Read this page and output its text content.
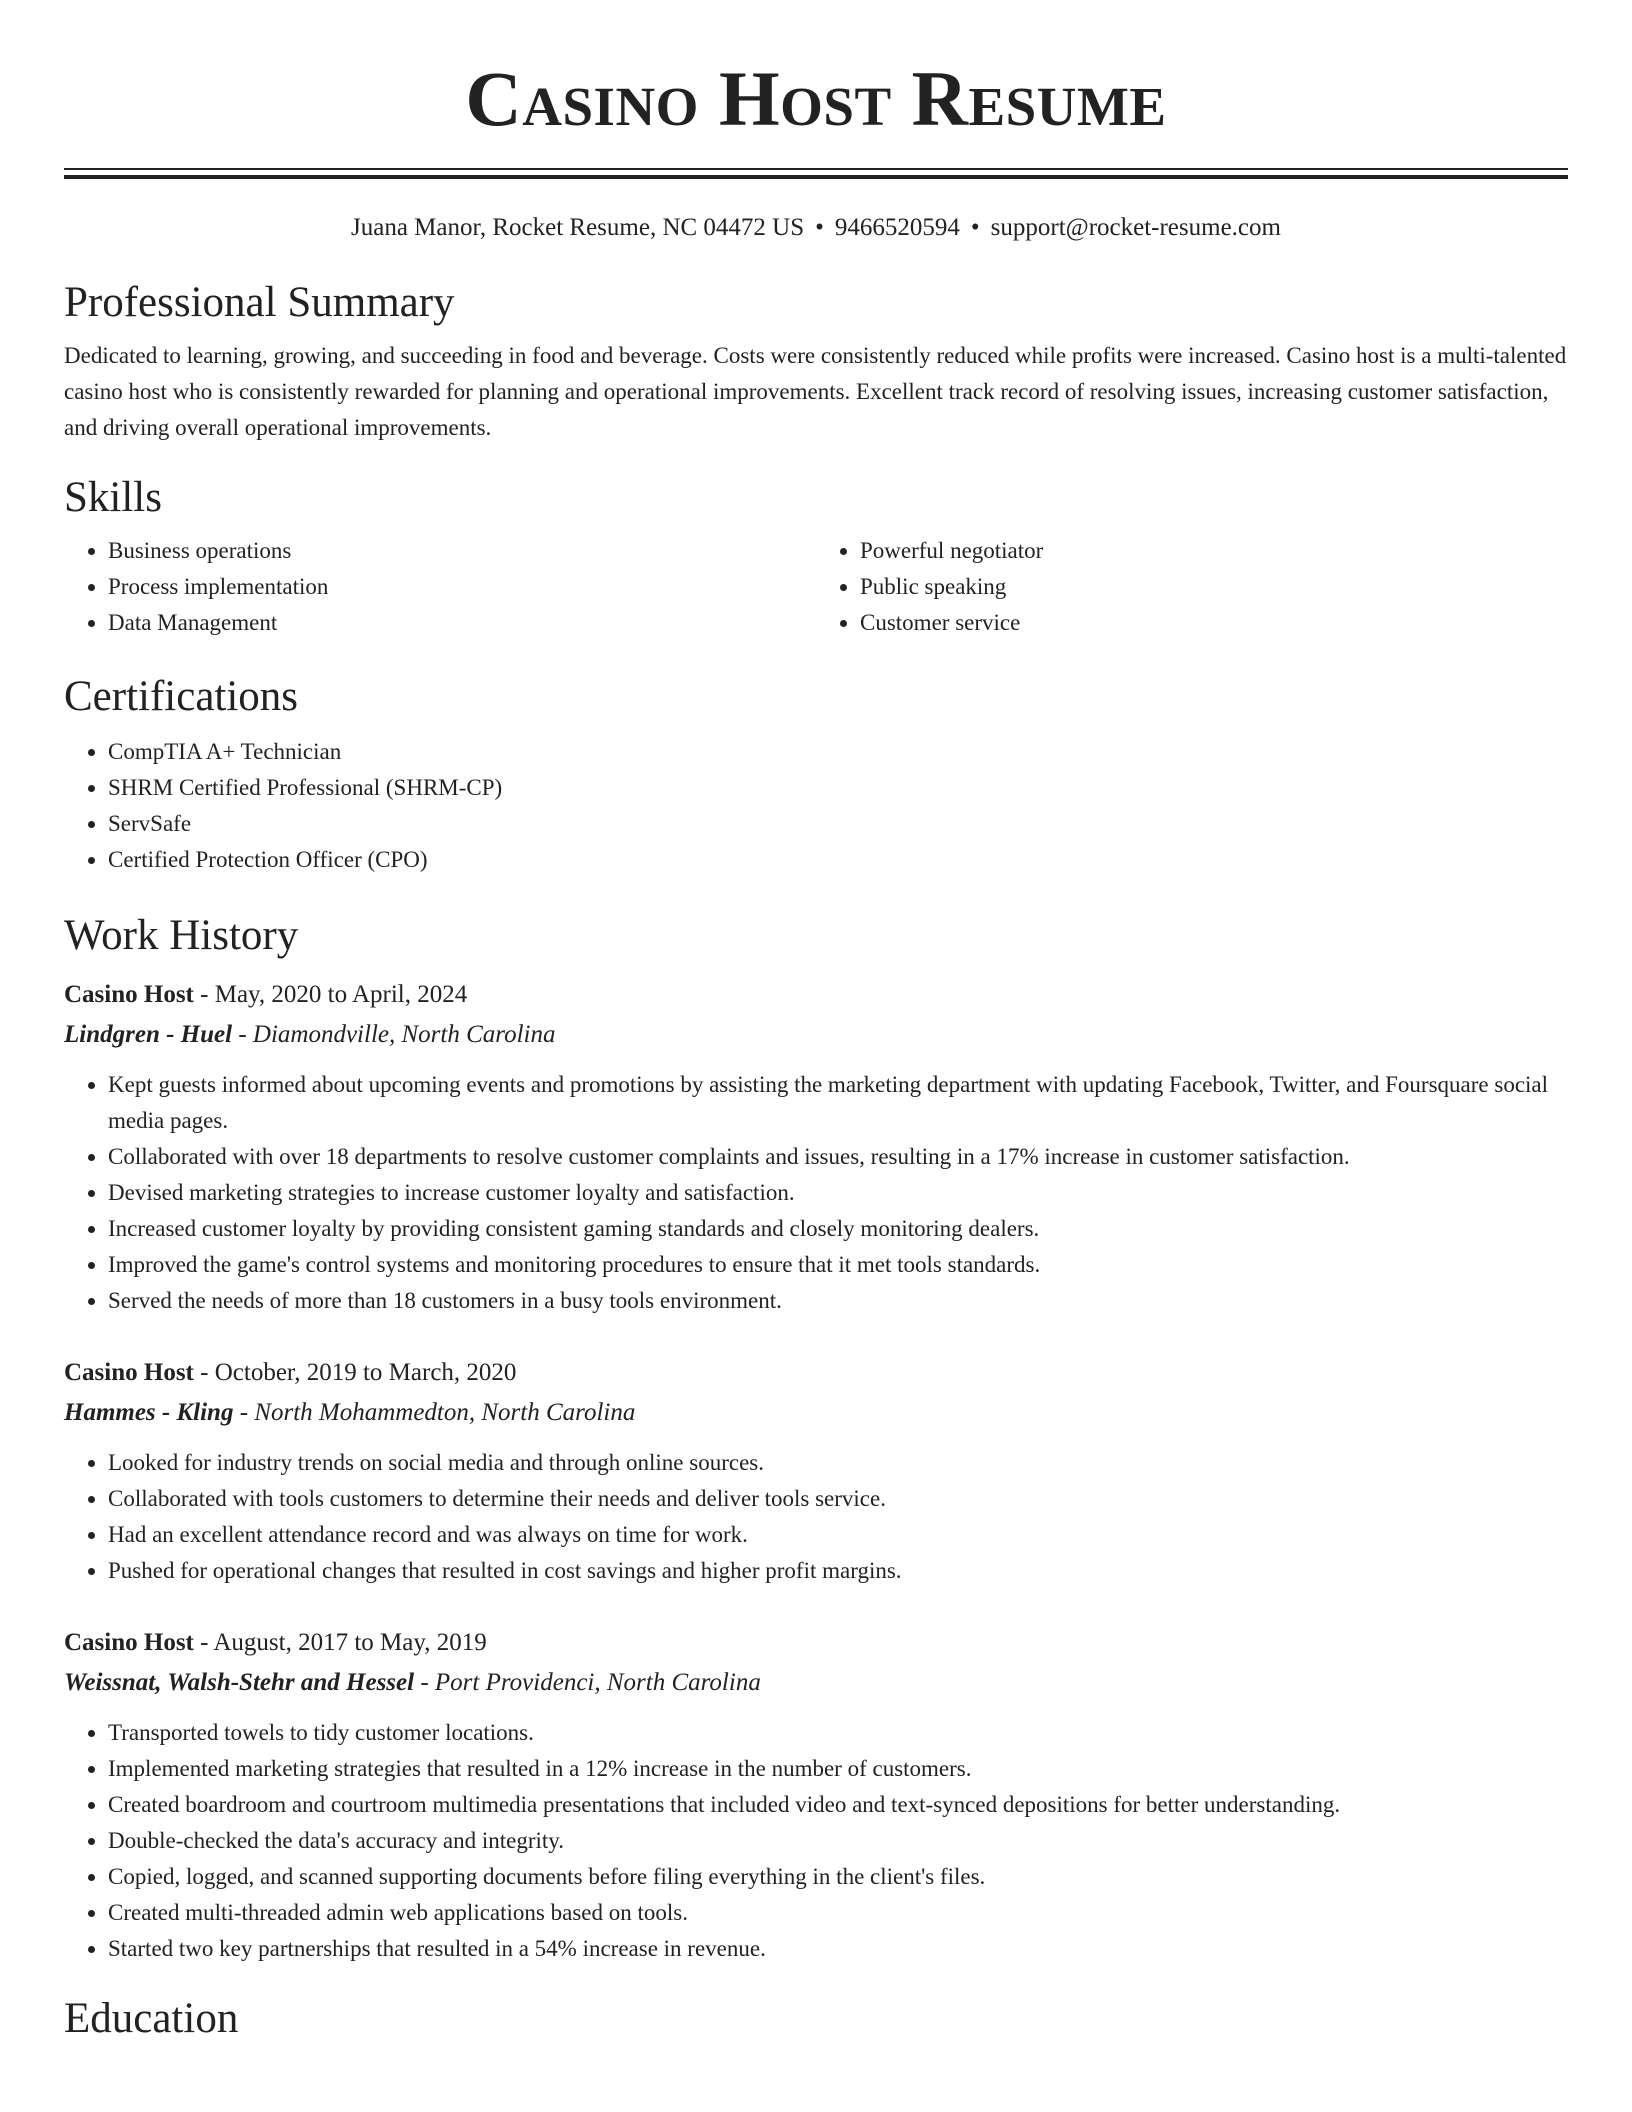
Casino Host Resume
Juana Manor, Rocket Resume, NC 04472 US • 9466520594 • support@rocket-resume.com
Professional Summary

Dedicated to learning, growing, and succeeding in food and beverage. Costs were consistently reduced while profits were increased. Casino host is a multi-talented casino host who is consistently rewarded for planning and operational improvements. Excellent track record of resolving issues, increasing customer satisfaction, and driving overall operational improvements.

Skills
• Business operations
• Process implementation
• Data Management
• Powerful negotiator
• Public speaking
• Customer service
Certifications
• CompTIA A+ Technician
• SHRM Certified Professional (SHRM-CP)
• ServSafe
• Certified Protection Officer (CPO)
Work History
Casino Host - May, 2020 to April, 2024
Lindgren - Huel - Diamondville, North Carolina
• Kept guests informed about upcoming events and promotions by assisting the marketing department with updating Facebook, Twitter, and Foursquare social media pages.
• Collaborated with over 18 departments to resolve customer complaints and issues, resulting in a 17% increase in customer satisfaction.
• Devised marketing strategies to increase customer loyalty and satisfaction.
• Increased customer loyalty by providing consistent gaming standards and closely monitoring dealers.
• Improved the game's control systems and monitoring procedures to ensure that it met tools standards.
• Served the needs of more than 18 customers in a busy tools environment.
Casino Host - October, 2019 to March, 2020
Hammes - Kling - North Mohammedton, North Carolina
• Looked for industry trends on social media and through online sources.
• Collaborated with tools customers to determine their needs and deliver tools service.
• Had an excellent attendance record and was always on time for work.
• Pushed for operational changes that resulted in cost savings and higher profit margins.
Casino Host - August, 2017 to May, 2019
Weissnat, Walsh-Stehr and Hessel - Port Providenci, North Carolina
• Transported towels to tidy customer locations.
• Implemented marketing strategies that resulted in a 12% increase in the number of customers.
• Created boardroom and courtroom multimedia presentations that included video and text-synced depositions for better understanding.
• Double-checked the data's accuracy and integrity.
• Copied, logged, and scanned supporting documents before filing everything in the client's files.
• Created multi-threaded admin web applications based on tools.
• Started two key partnerships that resulted in a 54% increase in revenue.
Education
